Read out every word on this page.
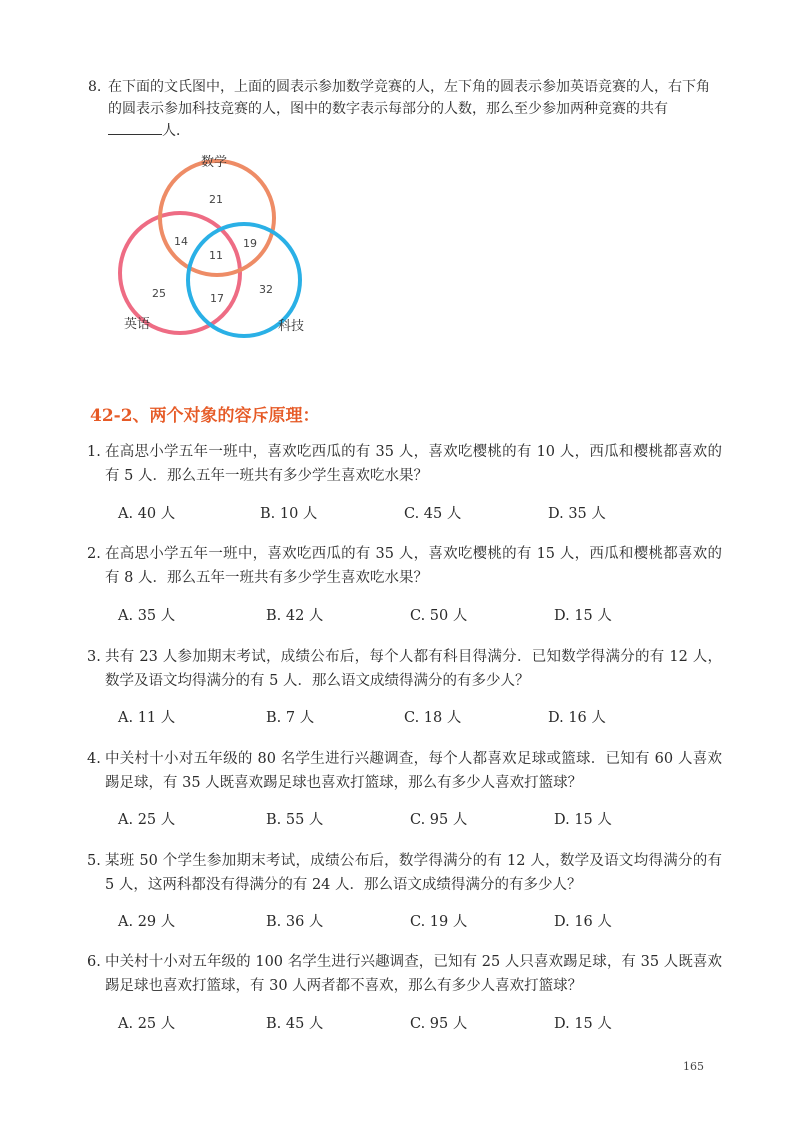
8. 在下面的文氏图中，上面的圆表示参加数学竞赛的人，左下角的圆表示参加英语竞赛的人，右下角的圆表示参加科技竞赛的人，图中的数字表示每部分的人数，那么至少参加两种竞赛的共有人．
数学
英语	科技
21
14	19
11
25	17
32
42-2、两个对象的容斥原理：
1. 在高思小学五年一班中，喜欢吃西瓜的有 35 人，喜欢吃樱桃的有 10 人，西瓜和樱桃都喜欢的有 5 人．那么五年一班共有多少学生喜欢吃水果？
A. 40 人	B. 10 人	C. 45 人	D. 35 人
2. 在高思小学五年一班中，喜欢吃西瓜的有 35 人，喜欢吃樱桃的有 15 人，西瓜和樱桃都喜欢的有 8 人．那么五年一班共有多少学生喜欢吃水果？
A. 35 人	B. 42 人	C. 50 人	D. 15 人
3. 共有 23 人参加期末考试，成绩公布后，每个人都有科目得满分．已知数学得满分的有 12 人，数学及语文均得满分的有 5 人．那么语文成绩得满分的有多少人？
A. 11 人	B. 7 人	C. 18 人	D. 16 人
4. 中关村十小对五年级的 80 名学生进行兴趣调查，每个人都喜欢足球或篮球．已知有 60 人喜欢踢足球，有 35 人既喜欢踢足球也喜欢打篮球，那么有多少人喜欢打篮球？
A. 25 人	B. 55 人	C. 95 人	D. 15 人
5. 某班 50 个学生参加期末考试，成绩公布后，数学得满分的有 12 人，数学及语文均得满分的有 5 人，这两科都没有得满分的有 24 人．那么语文成绩得满分的有多少人？
A. 29 人	B. 36 人	C. 19 人	D. 16 人
6. 中关村十小对五年级的 100 名学生进行兴趣调查，已知有 25 人只喜欢踢足球，有 35 人既喜欢踢足球也喜欢打篮球，有 30 人两者都不喜欢，那么有多少人喜欢打篮球？
A. 25 人	B. 45 人	C. 95 人	D. 15 人
165
